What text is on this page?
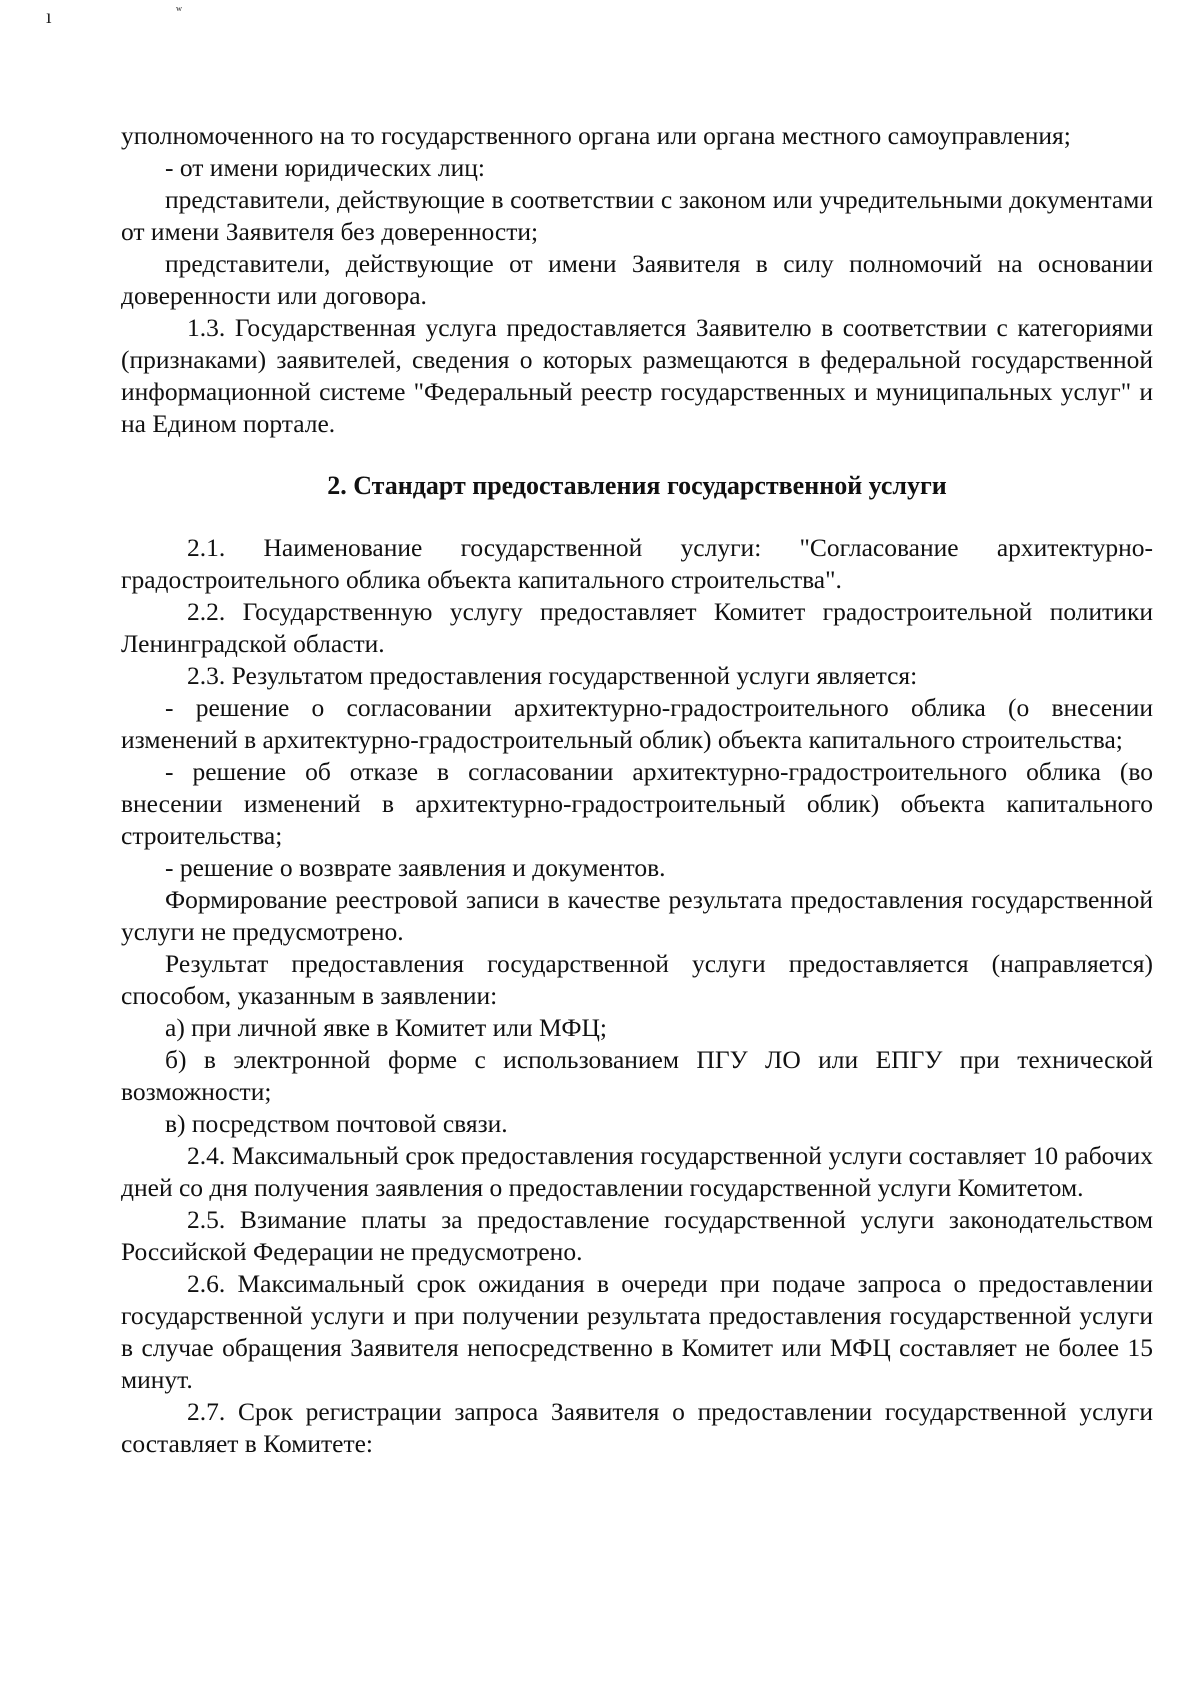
ı	ʷ

уполномоченного на то государственного органа или органа местного самоуправления;

- от имени юридических лиц:

представители, действующие в соответствии с законом или учредительными документами от имени Заявителя без доверенности;

представители, действующие от имени Заявителя в силу полномочий на основании доверенности или договора.

1.3. Государственная услуга предоставляется Заявителю в соответствии с категориями (признаками) заявителей, сведения о которых размещаются в федеральной государственной информационной системе "Федеральный реестр государственных и муниципальных услуг" и на Едином портале.

2. Стандарт предоставления государственной услуги

2.1. Наименование государственной услуги: "Согласование архитектурно-градостроительного облика объекта капитального строительства".

2.2. Государственную услугу предоставляет Комитет градостроительной политики Ленинградской области.

2.3. Результатом предоставления государственной услуги является:

- решение о согласовании архитектурно-градостроительного облика (о внесении изменений в архитектурно-градостроительный облик) объекта капитального строительства;

- решение об отказе в согласовании архитектурно-градостроительного облика (во внесении изменений в архитектурно-градостроительный облик) объекта капитального строительства;

- решение о возврате заявления и документов.

Формирование реестровой записи в качестве результата предоставления государственной услуги не предусмотрено.

Результат предоставления государственной услуги предоставляется (направляется) способом, указанным в заявлении:

а) при личной явке в Комитет или МФЦ;

б) в электронной форме с использованием ПГУ ЛО или ЕПГУ при технической возможности;

в) посредством почтовой связи.

2.4. Максимальный срок предоставления государственной услуги составляет 10 рабочих дней со дня получения заявления о предоставлении государственной услуги Комитетом.

2.5. Взимание платы за предоставление государственной услуги законодательством Российской Федерации не предусмотрено.

2.6. Максимальный срок ожидания в очереди при подаче запроса о предоставлении государственной услуги и при получении результата предоставления государственной услуги в случае обращения Заявителя непосредственно в Комитет или МФЦ составляет не более 15 минут.

2.7. Срок регистрации запроса Заявителя о предоставлении государственной услуги составляет в Комитете:
